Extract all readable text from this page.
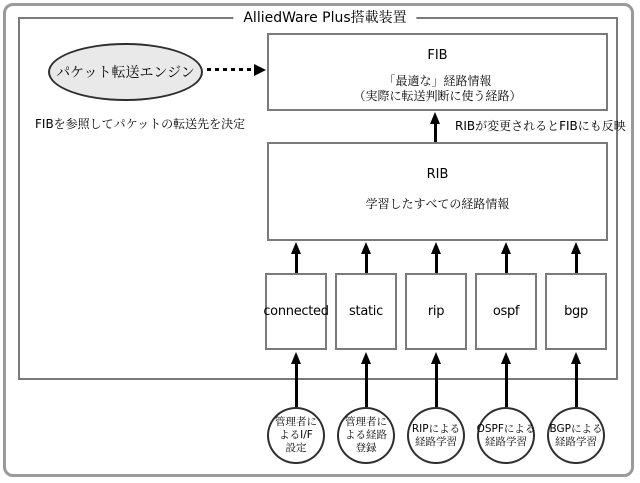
AlliedWare Plus搭載装置
パケット転送エンジン
FIBを参照してパケットの転送先を決定
FIB
「最適な」経路情報
（実際に転送判断に使う経路）
RIBが変更されるとFIBにも反映
RIB
学習したすべての経路情報
connected static	rip	ospf	bgp
管理者に
よるI/F
設定
管理者に
よる経路
登録
RIPによる
経路学習
OSPFによる
経路学習
BGPによる
経路学習
